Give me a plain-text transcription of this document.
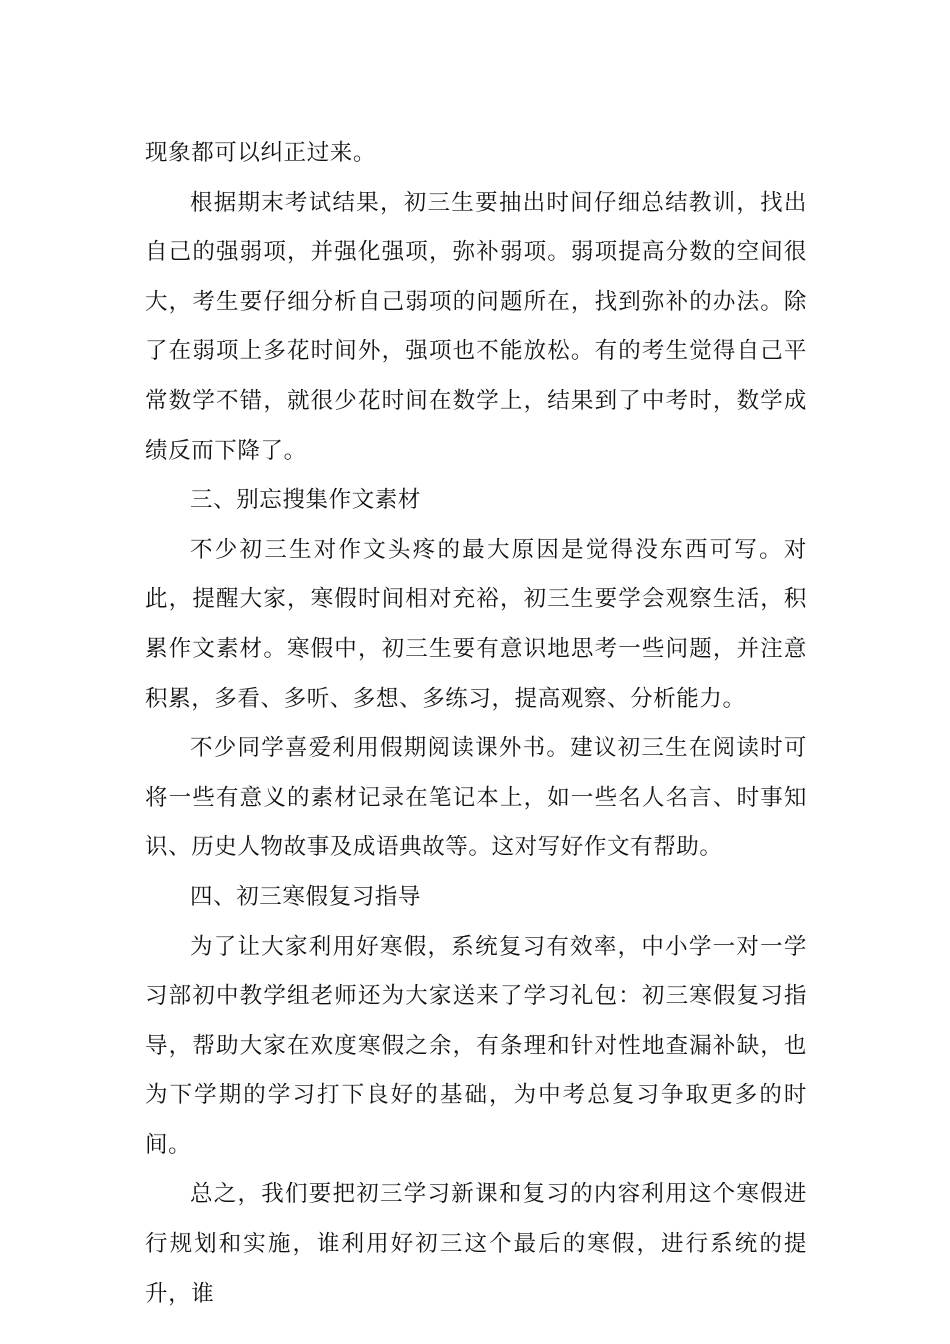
现象都可以纠正过来。

根据期末考试结果，初三生要抽出时间仔细总结教训，找出自己的强弱项，并强化强项，弥补弱项。弱项提高分数的空间很大，考生要仔细分析自己弱项的问题所在，找到弥补的办法。除了在弱项上多花时间外，强项也不能放松。有的考生觉得自己平常数学不错，就很少花时间在数学上，结果到了中考时，数学成绩反而下降了。

三、别忘搜集作文素材

不少初三生对作文头疼的最大原因是觉得没东西可写。对此，提醒大家，寒假时间相对充裕，初三生要学会观察生活，积累作文素材。寒假中，初三生要有意识地思考一些问题，并注意积累，多看、多听、多想、多练习，提高观察、分析能力。

不少同学喜爱利用假期阅读课外书。建议初三生在阅读时可将一些有意义的素材记录在笔记本上，如一些名人名言、时事知识、历史人物故事及成语典故等。这对写好作文有帮助。

四、初三寒假复习指导

为了让大家利用好寒假，系统复习有效率，中小学一对一学习部初中教学组老师还为大家送来了学习礼包：初三寒假复习指导，帮助大家在欢度寒假之余，有条理和针对性地查漏补缺，也为下学期的学习打下良好的基础，为中考总复习争取更多的时间。

总之，我们要把初三学习新课和复习的内容利用这个寒假进行规划和实施，谁利用好初三这个最后的寒假，进行系统的提升，谁
